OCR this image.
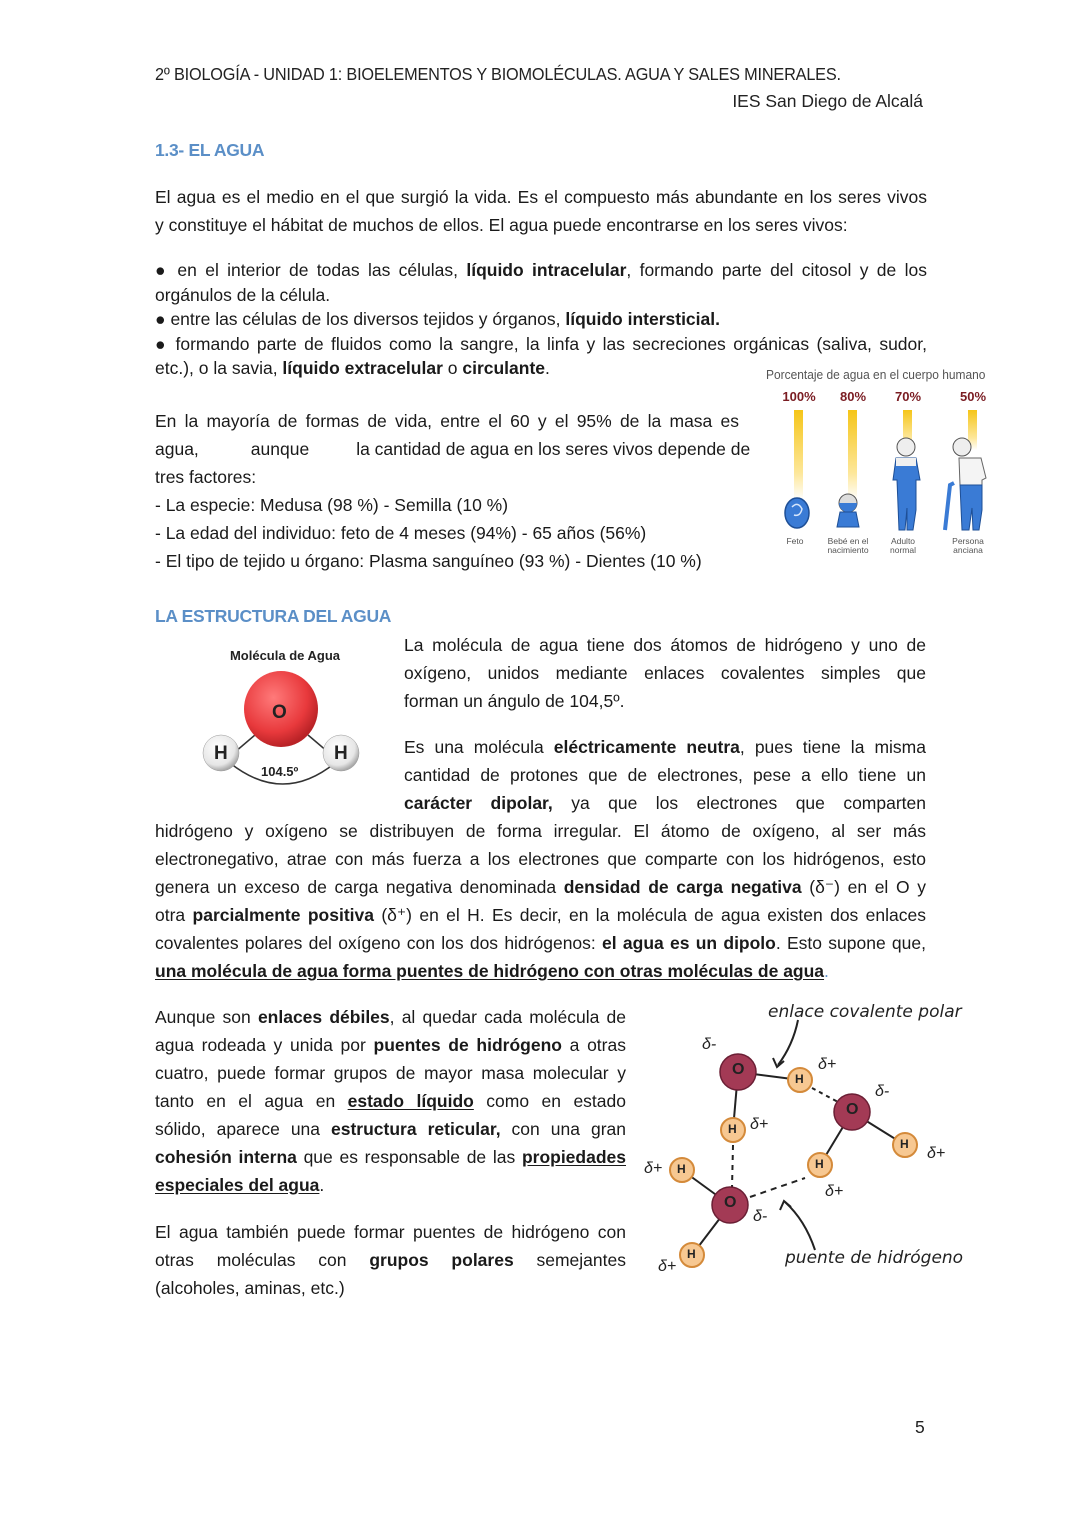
2º BIOLOGÍA - UNIDAD 1: BIOELEMENTOS Y BIOMOLÉCULAS. AGUA Y SALES MINERALES.
IES San Diego de Alcalá
1.3- EL AGUA
El agua es el medio en el que surgió la vida. Es el compuesto más abundante en los seres vivos
y constituye el hábitat de muchos de ellos. El agua puede encontrarse en los seres vivos:
● en el interior de todas las células, líquido intracelular, formando parte del citosol y de los
orgánulos de la célula.
● entre las células de los diversos tejidos y órganos, líquido intersticial.
● formando parte de fluidos como la sangre, la linfa y las secreciones orgánicas (saliva, sudor,
etc.), o la savia, líquido extracelular o circulante.
En la mayoría de formas de vida, entre el 60 y el 95% de la masa es
agua,	aunque	la cantidad de agua en los seres vivos depende de
tres factores:
- La especie: Medusa (98 %) - Semilla (10 %)
- La edad del individuo: feto de 4 meses (94%) - 65 años (56%)
- El tipo de tejido u órgano: Plasma sanguíneo (93 %) - Dientes (10 %)
Porcentaje de agua en el cuerpo humano
100%	80%	70%	50%
Feto	Bebé en el
nacimiento
Adulto
normal
Persona
anciana
LA ESTRUCTURA DEL AGUA
Molécula de Agua
O
H	H
104.5º
La molécula de agua tiene dos átomos de hidrógeno y uno de
oxígeno, unidos mediante enlaces covalentes simples que
forman un ángulo de 104,5º.
Es una molécula eléctricamente neutra, pues tiene la misma
cantidad de protones que de electrones, pese a ello tiene un
carácter dipolar, ya que los electrones que comparten
hidrógeno y oxígeno se distribuyen de forma irregular. El átomo de oxígeno, al ser más
electronegativo, atrae con más fuerza a los electrones que comparte con los hidrógenos, esto
genera un exceso de carga negativa denominada densidad de carga negativa (δ⁻) en el O y
otra parcialmente positiva (δ⁺) en el H. Es decir, en la molécula de agua existen dos enlaces
covalentes polares del oxígeno con los dos hidrógenos: el agua es un dipolo. Esto supone que,
una molécula de agua forma puentes de hidrógeno con otras moléculas de agua.
Aunque son enlaces débiles, al quedar cada molécula de
agua rodeada y unida por puentes de hidrógeno a otras
cuatro, puede formar grupos de mayor masa molecular y
tanto en el agua en estado líquido como en estado
sólido, aparece una estructura reticular, con una gran
cohesión interna que es responsable de las propiedades
especiales del agua.
El agua también puede formar puentes de hidrógeno con
otras moléculas con grupos polares semejantes
(alcoholes, aminas, etc.)
enlace covalente polar
puente de hidrógeno
O
O
O
H
H
H
H
H
H
δ-
δ-
δ-
δ+
δ+
δ+
δ+
δ+
δ+
5
